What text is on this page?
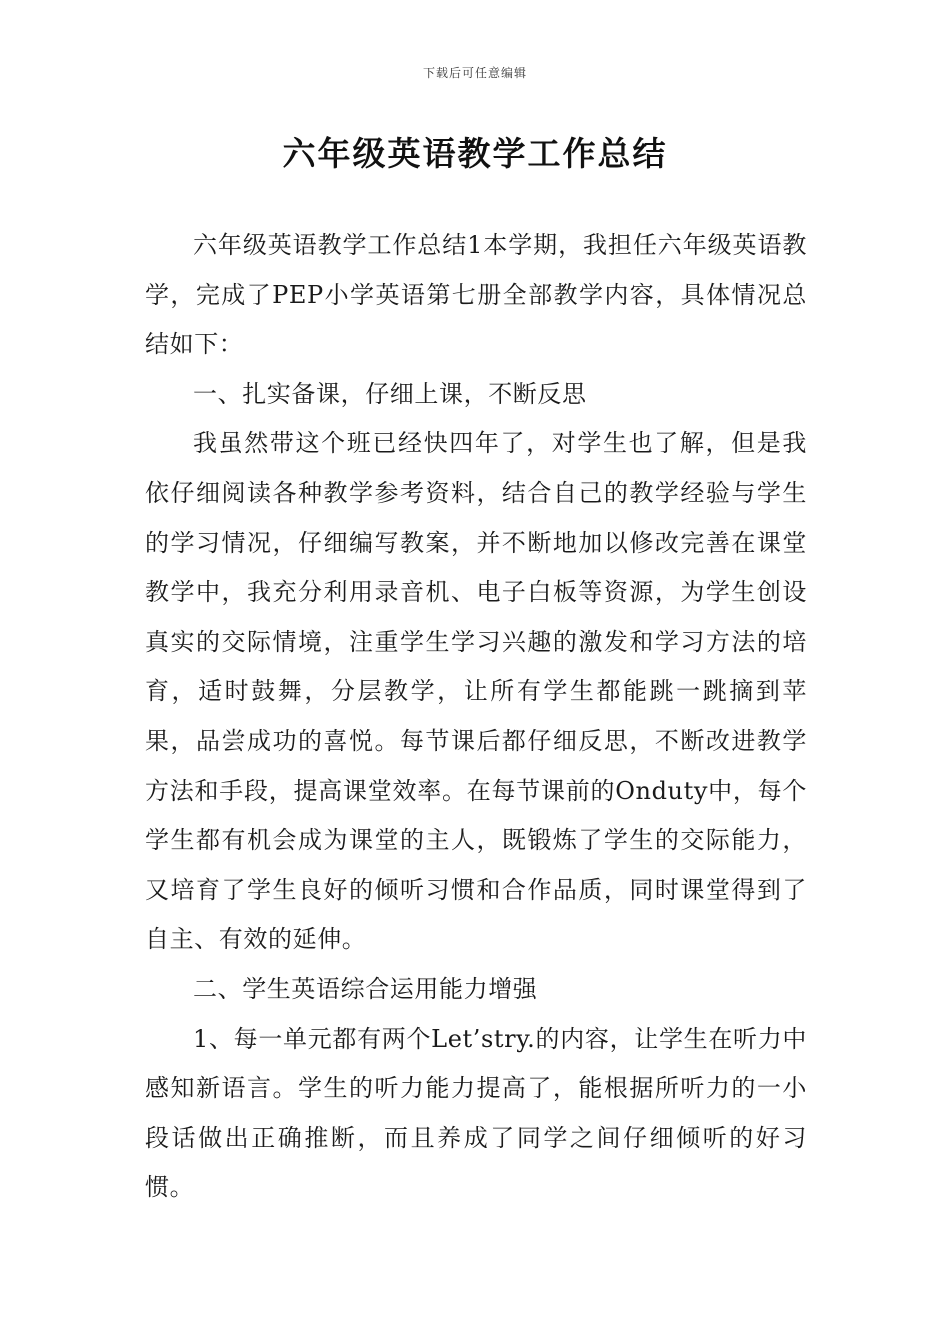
下载后可任意编辑
六年级英语教学工作总结

六年级英语教学工作总结1本学期，我担任六年级英语教学，完成了PEP小学英语第七册全部教学内容，具体情况总结如下：

一、扎实备课，仔细上课，不断反思

我虽然带这个班已经快四年了，对学生也了解，但是我依仔细阅读各种教学参考资料，结合自己的教学经验与学生的学习情况，仔细编写教案，并不断地加以修改完善在课堂教学中，我充分利用录音机、电子白板等资源，为学生创设真实的交际情境，注重学生学习兴趣的激发和学习方法的培育，适时鼓舞，分层教学，让所有学生都能跳一跳摘到苹果，品尝成功的喜悦。每节课后都仔细反思，不断改进教学方法和手段，提高课堂效率。在每节课前的Onduty中，每个学生都有机会成为课堂的主人，既锻炼了学生的交际能力，又培育了学生良好的倾听习惯和合作品质，同时课堂得到了自主、有效的延伸。

二、学生英语综合运用能力增强

1、每一单元都有两个Let’stry.的内容，让学生在听力中感知新语言。学生的听力能力提高了，能根据所听力的一小段话做出正确推断，而且养成了同学之间仔细倾听的好习惯。
